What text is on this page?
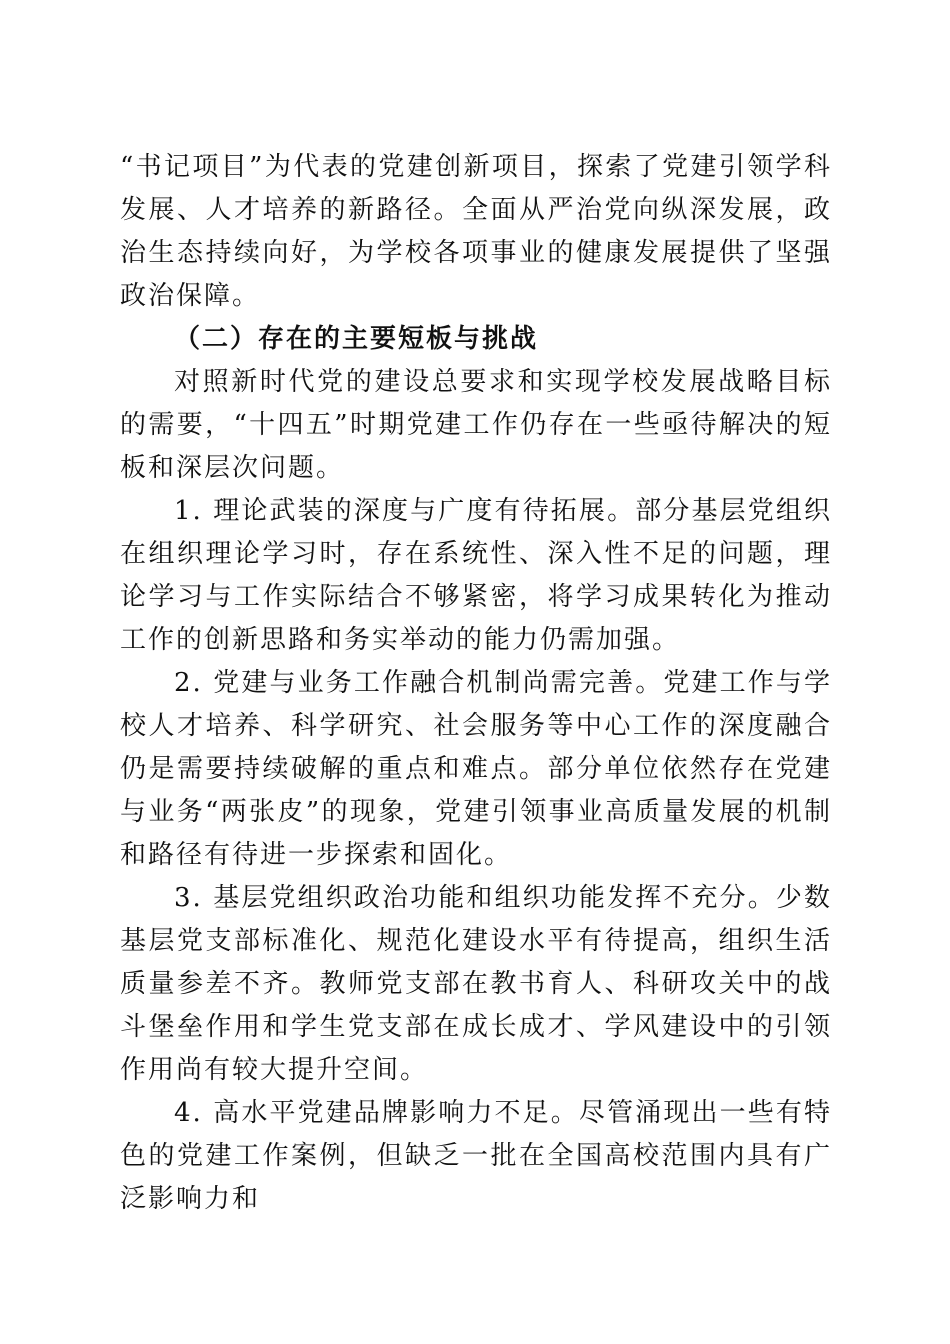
“书记项目”为代表的党建创新项目，探索了党建引领学科发展、人才培养的新路径。全面从严治党向纵深发展，政治生态持续向好，为学校各项事业的健康发展提供了坚强政治保障。

（二）存在的主要短板与挑战

对照新时代党的建设总要求和实现学校发展战略目标的需要，“十四五”时期党建工作仍存在一些亟待解决的短板和深层次问题。

1. 理论武装的深度与广度有待拓展。部分基层党组织在组织理论学习时，存在系统性、深入性不足的问题，理论学习与工作实际结合不够紧密，将学习成果转化为推动工作的创新思路和务实举动的能力仍需加强。

2. 党建与业务工作融合机制尚需完善。党建工作与学校人才培养、科学研究、社会服务等中心工作的深度融合仍是需要持续破解的重点和难点。部分单位依然存在党建与业务“两张皮”的现象，党建引领事业高质量发展的机制和路径有待进一步探索和固化。

3. 基层党组织政治功能和组织功能发挥不充分。少数基层党支部标准化、规范化建设水平有待提高，组织生活质量参差不齐。教师党支部在教书育人、科研攻关中的战斗堡垒作用和学生党支部在成长成才、学风建设中的引领作用尚有较大提升空间。

4. 高水平党建品牌影响力不足。尽管涌现出一些有特色的党建工作案例，但缺乏一批在全国高校范围内具有广泛影响力和
